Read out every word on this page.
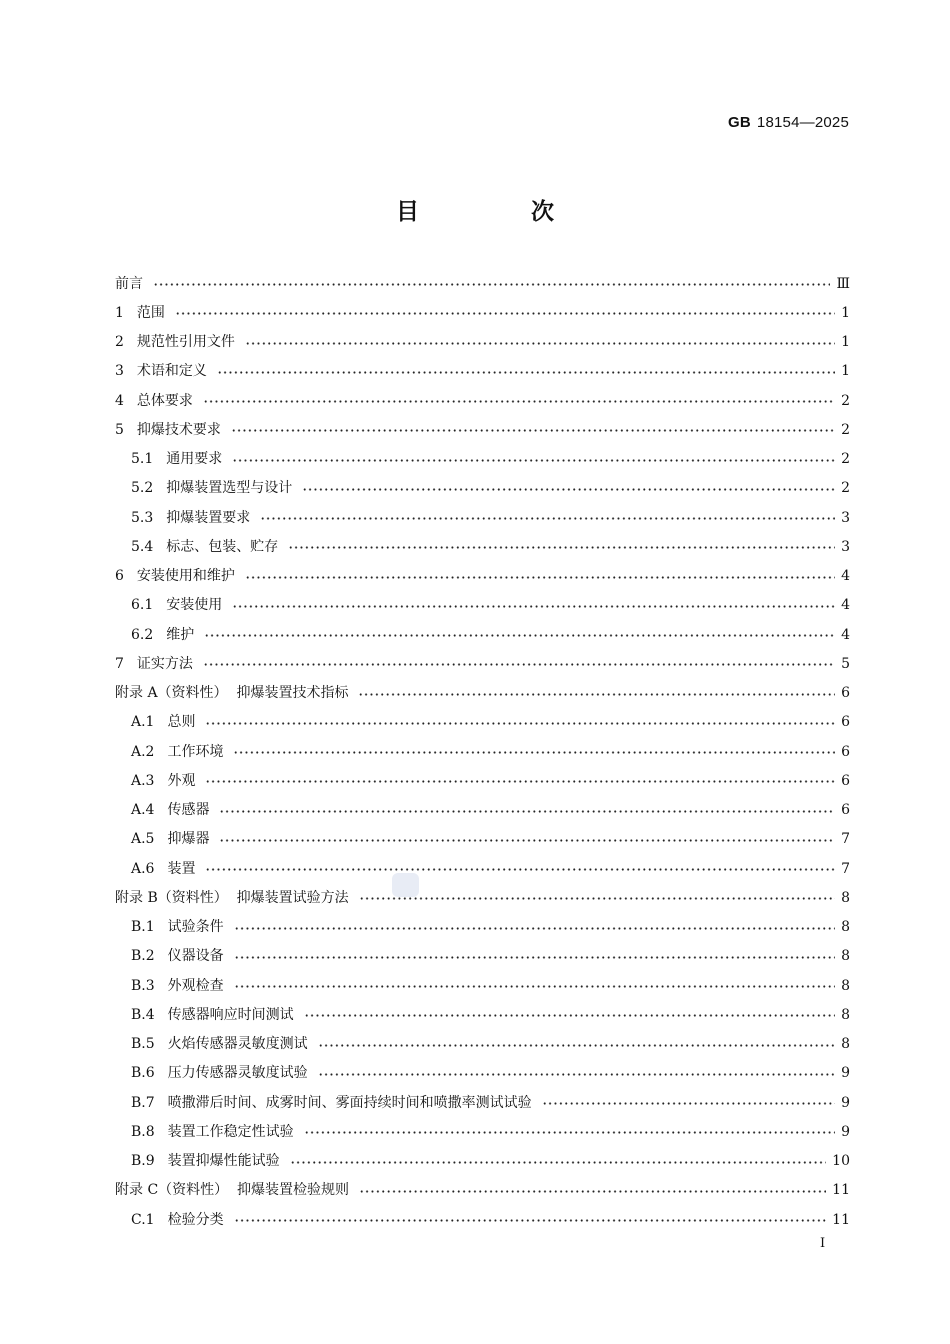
GB 18154—2025
目 次
前言	Ⅲ
1 范围	1
2 规范性引用文件	1
3 术语和定义	1
4 总体要求	2
5 抑爆技术要求	2
5.1 通用要求	2
5.2 抑爆装置选型与设计	2
5.3 抑爆装置要求	3
5.4 标志、包装、贮存	3
6 安装使用和维护	4
6.1 安装使用	4
6.2 维护	4
7 证实方法	5
附录 A（资料性）  抑爆装置技术指标	6
A.1 总则	6
A.2 工作环境	6
A.3 外观	6
A.4 传感器	6
A.5 抑爆器	7
A.6 装置	7
附录 B（资料性）  抑爆装置试验方法	8
B.1 试验条件	8
B.2 仪器设备	8
B.3 外观检查	8
B.4 传感器响应时间测试	8
B.5 火焰传感器灵敏度测试	8
B.6 压力传感器灵敏度试验	9
B.7 喷撒滞后时间、成雾时间、雾面持续时间和喷撒率测试试验	9
B.8 装置工作稳定性试验	9
B.9 装置抑爆性能试验	10
附录 C（资料性）  抑爆装置检验规则	11
C.1 检验分类	11
I
